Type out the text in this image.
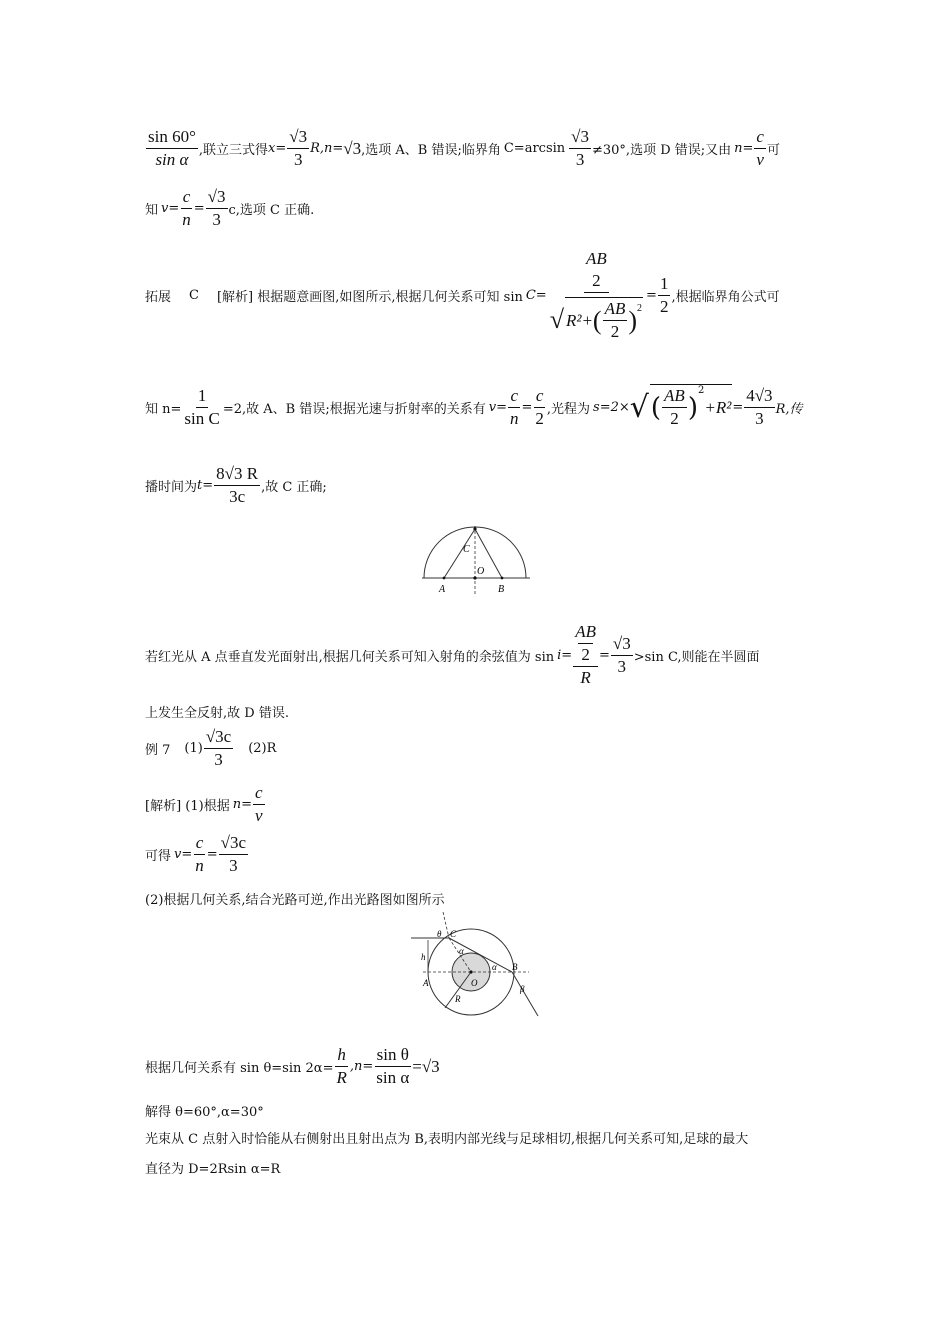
$\frac{\sin 60^\circ}{\text{sin α}}$ ,联立三式得 $x= \frac{√3}{3} R,n= √3$ ,选项 A、B 错误;临界角 $C=\arcsin \frac{√3}{3} \ne 30^\circ$,选项 D 错误;又由 $n= \frac{c}{v}$ 可
知 $v= \frac{c}{n} = \frac{√3}{3} c$,选项 C 正确.
拓展 C [解析] 根据题意画图,如图所示,根据几何关系可知 sin C=
AB
2
√ R²+ ( $\frac{AB}{2} )^2$
= $\frac{1}{2}$ ,根据临界角公式可
知 $n= \frac{1}{\text{sin C}} =2$,故 A、B 错误;根据光速与折射率的关系有 $v= \frac{c}{n} = \frac{c}{2}$ ,光程为 s=2× √ ( $\frac{AB}{2}$ )
$^2$
$+R^2 = \frac{4 √3}{3} R$,传
播时间为 $t= \frac{8√3 R}{3c}$ ,故 C 正确;
C
O
A	B
若红光从 A 点垂直发光面射出,根据几何关系可知入射角的余弦值为 sin i= AB
2
$R = \frac{√3}{3} >\sin$ C,则能在半圆面
上发生全反射,故 D 错误.
例 7 $(1) \frac{√3c}{3} (2)R$
[解析] (1)根据 $n= \frac{c}{v}$
可得 $v= \frac{c}{n} = \frac{√3c}{3}$
(2)根据几何关系,结合光路可逆,作出光路图如图所示
θ C
α
h
α B
A	O
β
R
根据几何关系有 sin θ=sin $2\alpha= \frac{h}{R} ,n= \frac{\text{sin θ}}{\text{sin α}} =√3$
解得 θ=60°,α=30°
光束从 C 点射入时恰能从右侧射出且射出点为 B,表明内部光线与足球相切,根据几何关系可知,足球的最大
直径为 D=2Rsin α=R
